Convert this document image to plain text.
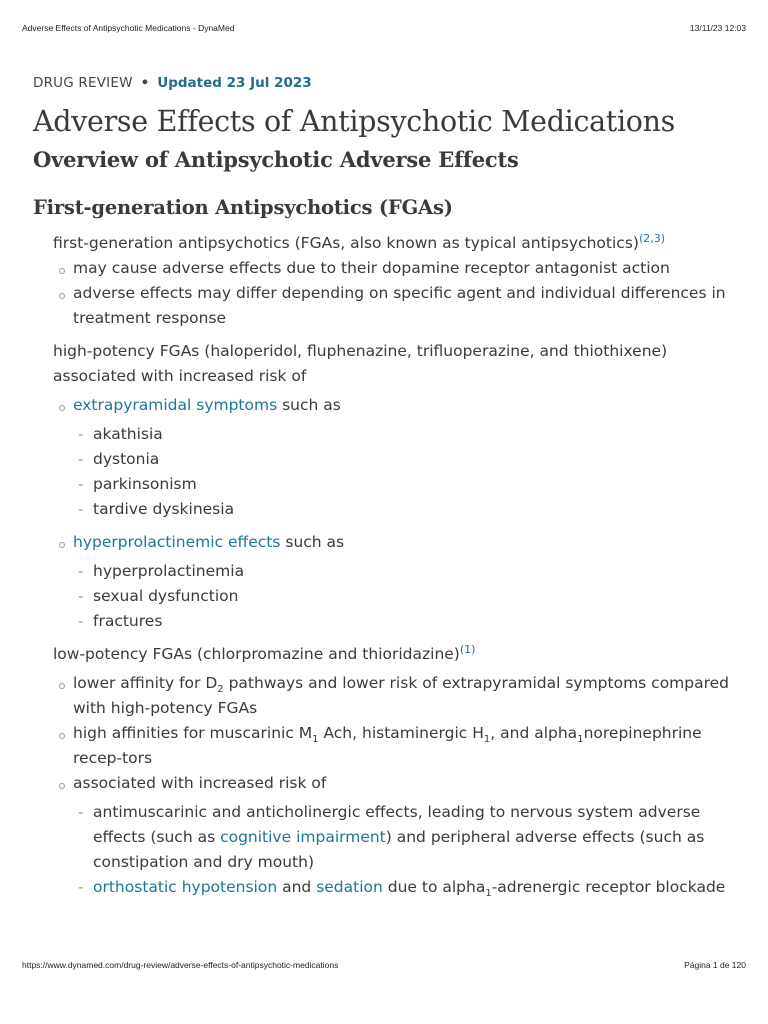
Adverse Effects of Antipsychotic Medications - DynaMed	13/11/23 12:03
DRUG REVIEW • Updated 23 Jul 2023
Adverse Effects of Antipsychotic Medications
Overview of Antipsychotic Adverse Effects
First-generation Antipsychotics (FGAs)

first-generation antipsychotics (FGAs, also known as typical antipsychotics)$^{(2,3)}$

may cause adverse effects due to their dopamine receptor antagonist action
adverse effects may differ depending on specific agent and individual differences in treatment response

high-potency FGAs (haloperidol, fluphenazine, trifluoperazine, and thiothixene) associated with increased risk of

extrapyramidal symptoms such as
- akathisia
- dystonia
- parkinsonism
- tardive dyskinesia
hyperprolactinemic effects such as
- hyperprolactinemia
- sexual dysfunction
- fractures

low-potency FGAs (chlorpromazine and thioridazine)$^{(1)}$

lower affinity for $D_2$ pathways and lower risk of extrapyramidal symptoms compared with high-potency FGAs
high affinities for muscarinic $M_1$ Ach, histaminergic $H_1$, and alpha$_1$norepinephrine recep-tors
associated with increased risk of
- antimuscarinic and anticholinergic effects, leading to nervous system adverse effects (such as cognitive impairment) and peripheral adverse effects (such as constipation and dry mouth)
- orthostatic hypotension and sedation due to alpha$_1$-adrenergic receptor blockade
https://www.dynamed.com/drug-review/adverse-effects-of-antipsychotic-medications	Página 1 de 120
